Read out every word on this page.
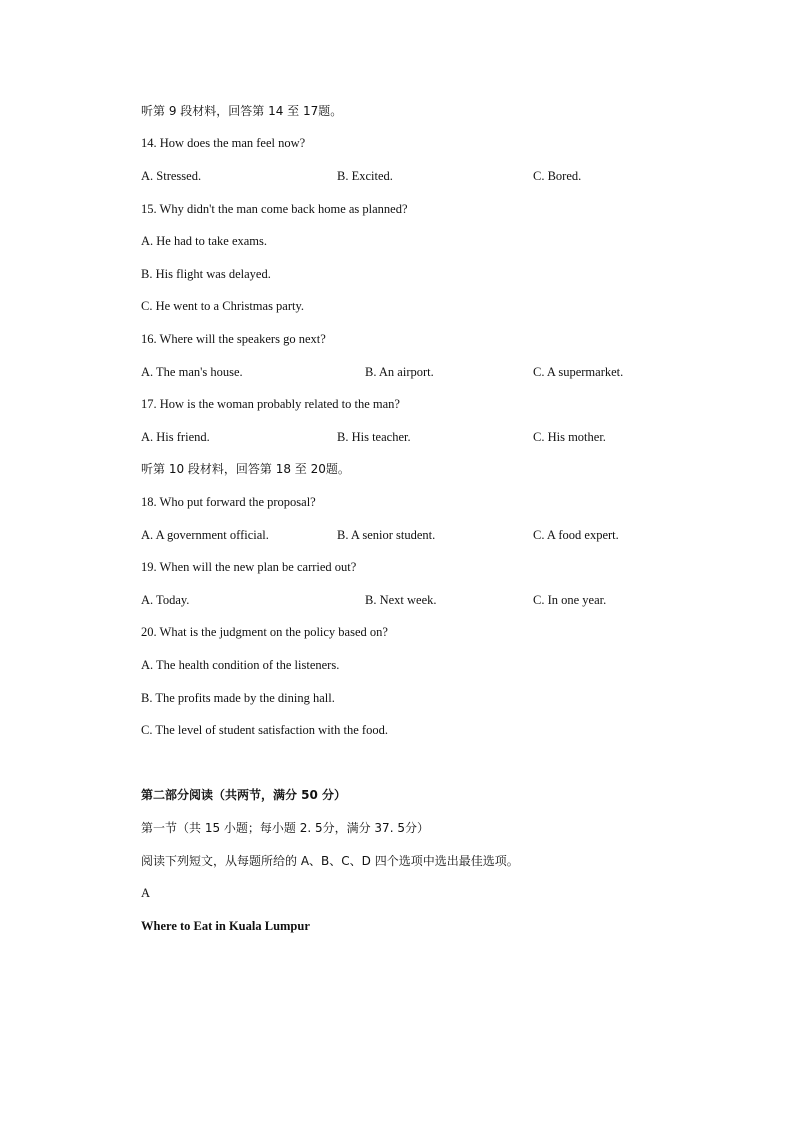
听第 9 段材料，回答第 14 至 17题。
14. How does the man feel now?
A. Stressed.	B. Excited.	C. Bored.
15. Why didn't the man come back home as planned?
A. He had to take exams.
B. His flight was delayed.
C. He went to a Christmas party.
16. Where will the speakers go next?
A. The man's house.	B. An airport.	C. A supermarket.
17. How is the woman probably related to the man?
A. His friend.	B. His teacher.	C. His mother.
听第 10 段材料，回答第 18 至 20题。
18. Who put forward the proposal?
A. A government official.	B. A senior student.	C. A food expert.
19. When will the new plan be carried out?
A. Today.	B. Next week.	C. In one year.
20. What is the judgment on the policy based on?
A. The health condition of the listeners.
B. The profits made by the dining hall.
C. The level of student satisfaction with the food.
第二部分阅读（共两节，满分 50 分）
第一节（共 15 小题；每小题 2. 5分，满分 37. 5分）
阅读下列短文，从每题所给的 A、B、C、D 四个选项中选出最佳选项。
A
Where to Eat in Kuala Lumpur
